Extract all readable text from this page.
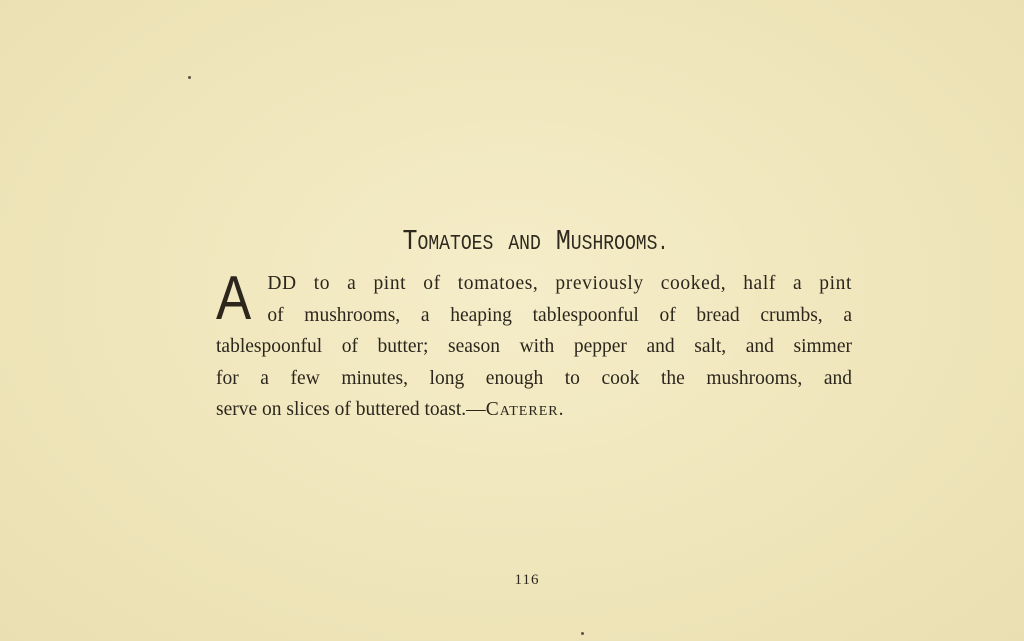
TOMATOES AND MUSHROOMS.
A DD to a pint of tomatoes, previously cooked, half a pint
of mushrooms, a heaping tablespoonful of bread crumbs, a
tablespoonful of butter; season with pepper and salt, and simmer
for a few minutes, long enough to cook the mushrooms, and
serve on slices of buttered toast.—Caterer.
116
